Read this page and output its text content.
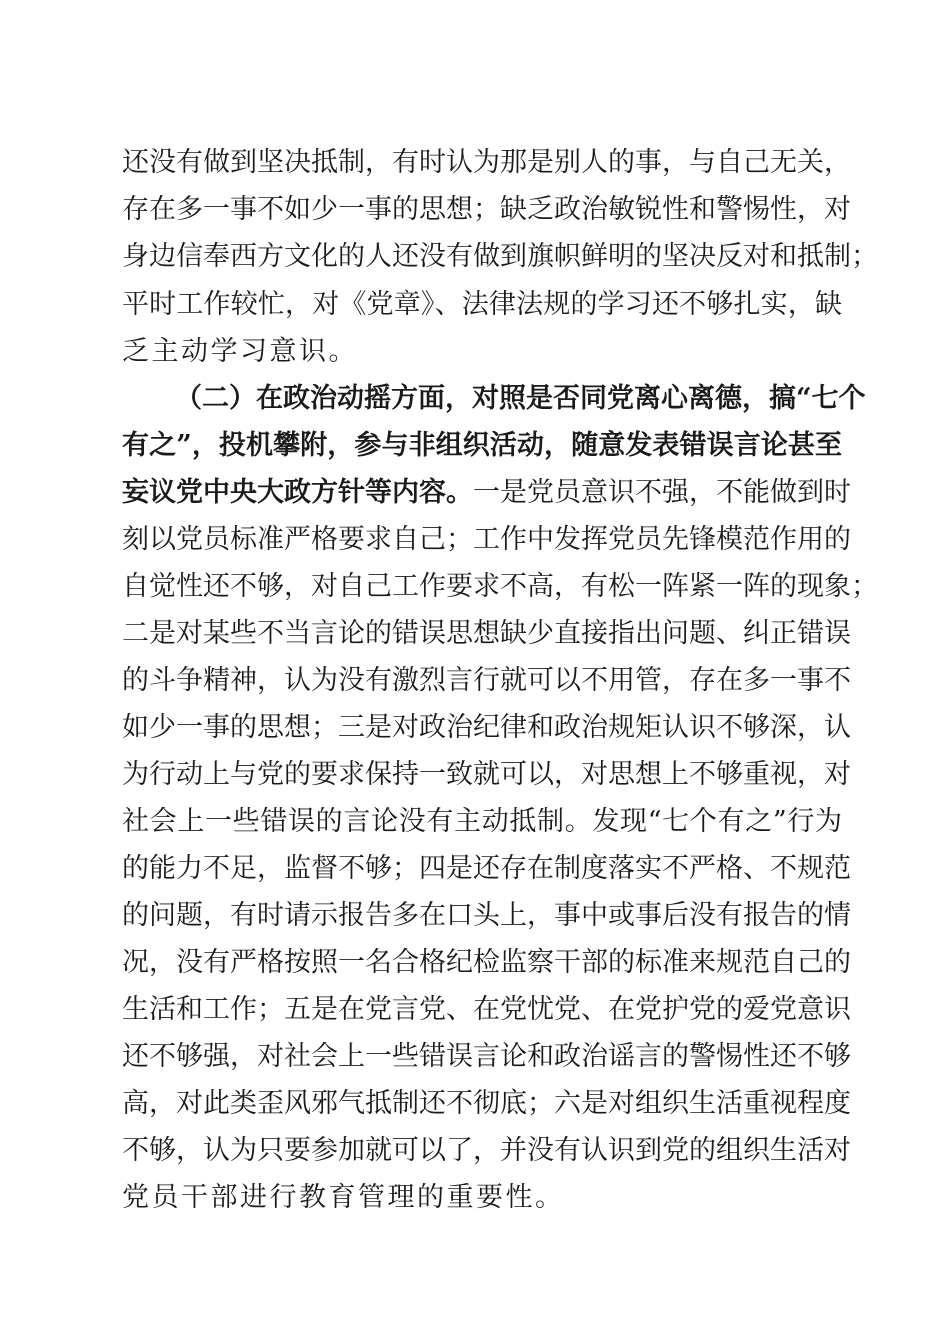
还没有做到坚决抵制，有时认为那是别人的事，与自己无关，
存在多一事不如少一事的思想；缺乏政治敏锐性和警惕性，对
身边信奉西方文化的人还没有做到旗帜鲜明的坚决反对和抵制；
平时工作较忙，对《党章》、法律法规的学习还不够扎实，缺
乏主动学习意识。
（二）在政治动摇方面，对照是否同党离心离德，搞“七个
有之”，投机攀附，参与非组织活动，随意发表错误言论甚至
妄议党中央大政方针等内容。一是党员意识不强，不能做到时
刻以党员标准严格要求自己；工作中发挥党员先锋模范作用的
自觉性还不够，对自己工作要求不高，有松一阵紧一阵的现象；
二是对某些不当言论的错误思想缺少直接指出问题、纠正错误
的斗争精神，认为没有激烈言行就可以不用管，存在多一事不
如少一事的思想；三是对政治纪律和政治规矩认识不够深，认
为行动上与党的要求保持一致就可以，对思想上不够重视，对
社会上一些错误的言论没有主动抵制。发现“七个有之”行为
的能力不足，监督不够；四是还存在制度落实不严格、不规范
的问题，有时请示报告多在口头上，事中或事后没有报告的情
况，没有严格按照一名合格纪检监察干部的标准来规范自己的
生活和工作；五是在党言党、在党忧党、在党护党的爱党意识
还不够强，对社会上一些错误言论和政治谣言的警惕性还不够
高，对此类歪风邪气抵制还不彻底；六是对组织生活重视程度
不够，认为只要参加就可以了，并没有认识到党的组织生活对
党员干部进行教育管理的重要性。
